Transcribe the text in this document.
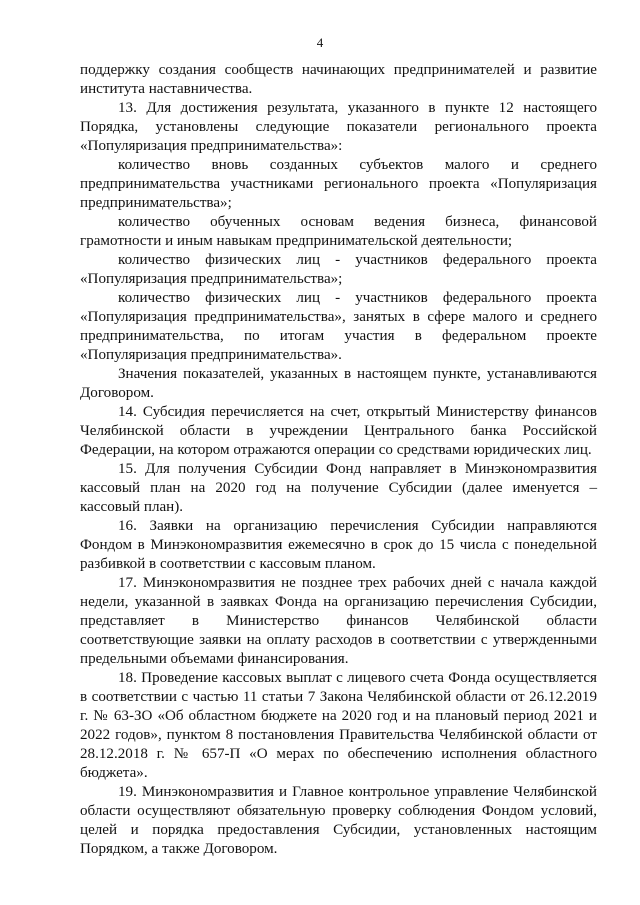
4

поддержку создания сообществ начинающих предпринимателей и развитие института наставничества.

13. Для достижения результата, указанного в пункте 12 настоящего Порядка, установлены следующие показатели регионального проекта «Популяризация предпринимательства»:

количество вновь созданных субъектов малого и среднего предпринимательства участниками регионального проекта «Популяризация предпринимательства»;

количество обученных основам ведения бизнеса, финансовой грамотности и иным навыкам предпринимательской деятельности;

количество физических лиц - участников федерального проекта «Популяризация предпринимательства»;

количество физических лиц - участников федерального проекта «Популяризация предпринимательства», занятых в сфере малого и среднего предпринимательства, по итогам участия в федеральном проекте «Популяризация предпринимательства».

Значения показателей, указанных в настоящем пункте, устанавливаются Договором.

14. Субсидия перечисляется на счет, открытый Министерству финансов Челябинской области в учреждении Центрального банка Российской Федерации, на котором отражаются операции со средствами юридических лиц.

15. Для получения Субсидии Фонд направляет в Минэкономразвития кассовый план на 2020 год на получение Субсидии (далее именуется – кассовый план).

16. Заявки на организацию перечисления Субсидии направляются Фондом в Минэкономразвития ежемесячно в срок до 15 числа с понедельной разбивкой в соответствии с кассовым планом.

17. Минэкономразвития не позднее трех рабочих дней с начала каждой недели, указанной в заявках Фонда на организацию перечисления Субсидии, представляет в Министерство финансов Челябинской области соответствующие заявки на оплату расходов в соответствии с утвержденными предельными объемами финансирования.

18. Проведение кассовых выплат с лицевого счета Фонда осуществляется в соответствии с частью 11 статьи 7 Закона Челябинской области от 26.12.2019 г. № 63-ЗО «Об областном бюджете на 2020 год и на плановый период 2021 и 2022 годов», пунктом 8 постановления Правительства Челябинской области от 28.12.2018 г. № 657-П «О мерах по обеспечению исполнения областного бюджета».

19. Минэкономразвития и Главное контрольное управление Челябинской области осуществляют обязательную проверку соблюдения Фондом условий, целей и порядка предоставления Субсидии, установленных настоящим Порядком, а также Договором.
